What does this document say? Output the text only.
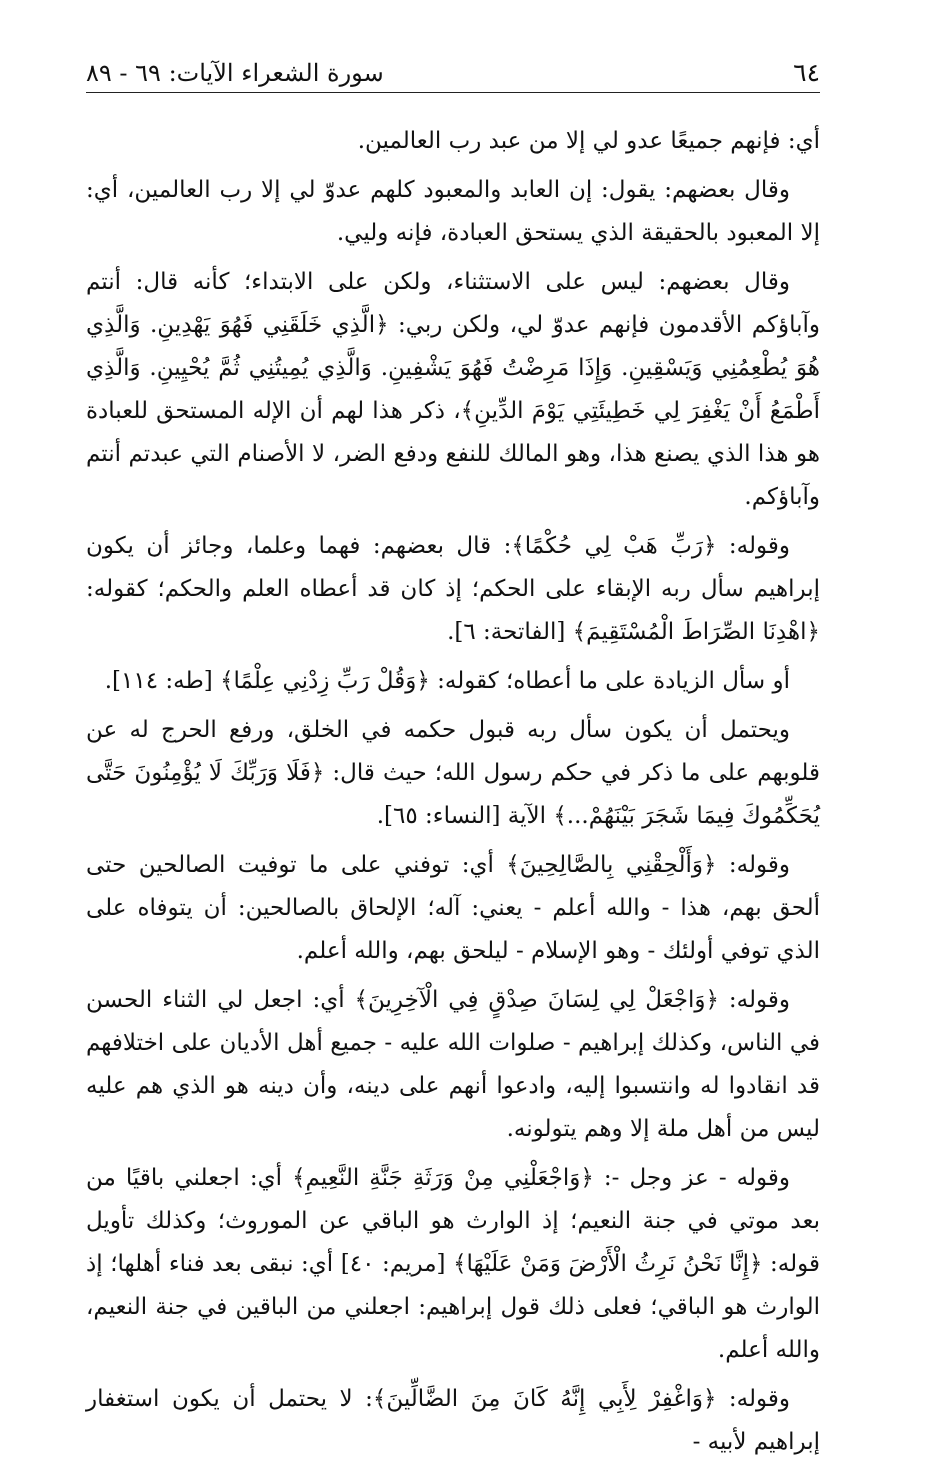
٦٤
سورة الشعراء الآيات: ٦٩ - ٨٩

أي: فإنهم جميعًا عدو لي إلا من عبد رب العالمين.

وقال بعضهم: يقول: إن العابد والمعبود كلهم عدوّ لي إلا رب العالمين، أي: إلا المعبود بالحقيقة الذي يستحق العبادة، فإنه وليي.

وقال بعضهم: ليس على الاستثناء، ولكن على الابتداء؛ كأنه قال: أنتم وآباؤكم الأقدمون فإنهم عدوّ لي، ولكن ربي: ﴿الَّذِي خَلَقَنِي فَهُوَ يَهْدِينِ. وَالَّذِي هُوَ يُطْعِمُنِي وَيَسْقِينِ. وَإِذَا مَرِضْتُ فَهُوَ يَشْفِينِ. وَالَّذِي يُمِيتُنِي ثُمَّ يُحْيِينِ. وَالَّذِي أَطْمَعُ أَنْ يَغْفِرَ لِي خَطِيئَتِي يَوْمَ الدِّينِ﴾، ذكر هذا لهم أن الإله المستحق للعبادة هو هذا الذي يصنع هذا، وهو المالك للنفع ودفع الضر، لا الأصنام التي عبدتم أنتم وآباؤكم.

وقوله: ﴿رَبِّ هَبْ لِي حُكْمًا﴾: قال بعضهم: فهما وعلما، وجائز أن يكون إبراهيم سأل ربه الإبقاء على الحكم؛ إذ كان قد أعطاه العلم والحكم؛ كقوله: ﴿اهْدِنَا الصِّرَاطَ الْمُسْتَقِيمَ﴾ [الفاتحة: ٦].

أو سأل الزيادة على ما أعطاه؛ كقوله: ﴿وَقُلْ رَبِّ زِدْنِي عِلْمًا﴾ [طه: ١١٤].

ويحتمل أن يكون سأل ربه قبول حكمه في الخلق، ورفع الحرج له عن قلوبهم على ما ذكر في حكم رسول الله؛ حيث قال: ﴿فَلَا وَرَبِّكَ لَا يُؤْمِنُونَ حَتَّى يُحَكِّمُوكَ فِيمَا شَجَرَ بَيْنَهُمْ...﴾ الآية [النساء: ٦٥].

وقوله: ﴿وَأَلْحِقْنِي بِالصَّالِحِينَ﴾ أي: توفني على ما توفيت الصالحين حتى ألحق بهم، هذا - والله أعلم - يعني: آله؛ الإلحاق بالصالحين: أن يتوفاه على الذي توفي أولئك - وهو الإسلام - ليلحق بهم، والله أعلم.

وقوله: ﴿وَاجْعَلْ لِي لِسَانَ صِدْقٍ فِي الْآخِرِينَ﴾ أي: اجعل لي الثناء الحسن في الناس، وكذلك إبراهيم - صلوات الله عليه - جميع أهل الأديان على اختلافهم قد انقادوا له وانتسبوا إليه، وادعوا أنهم على دينه، وأن دينه هو الذي هم عليه ليس من أهل ملة إلا وهم يتولونه.

وقوله - عز وجل -: ﴿وَاجْعَلْنِي مِنْ وَرَثَةِ جَنَّةِ النَّعِيمِ﴾ أي: اجعلني باقيًا من بعد موتي في جنة النعيم؛ إذ الوارث هو الباقي عن الموروث؛ وكذلك تأويل قوله: ﴿إِنَّا نَحْنُ نَرِثُ الْأَرْضَ وَمَنْ عَلَيْهَا﴾ [مريم: ٤٠] أي: نبقى بعد فناء أهلها؛ إذ الوارث هو الباقي؛ فعلى ذلك قول إبراهيم: اجعلني من الباقين في جنة النعيم، والله أعلم.

وقوله: ﴿وَاغْفِرْ لِأَبِي إِنَّهُ كَانَ مِنَ الضَّالِّينَ﴾: لا يحتمل أن يكون استغفار إبراهيم لأبيه -
